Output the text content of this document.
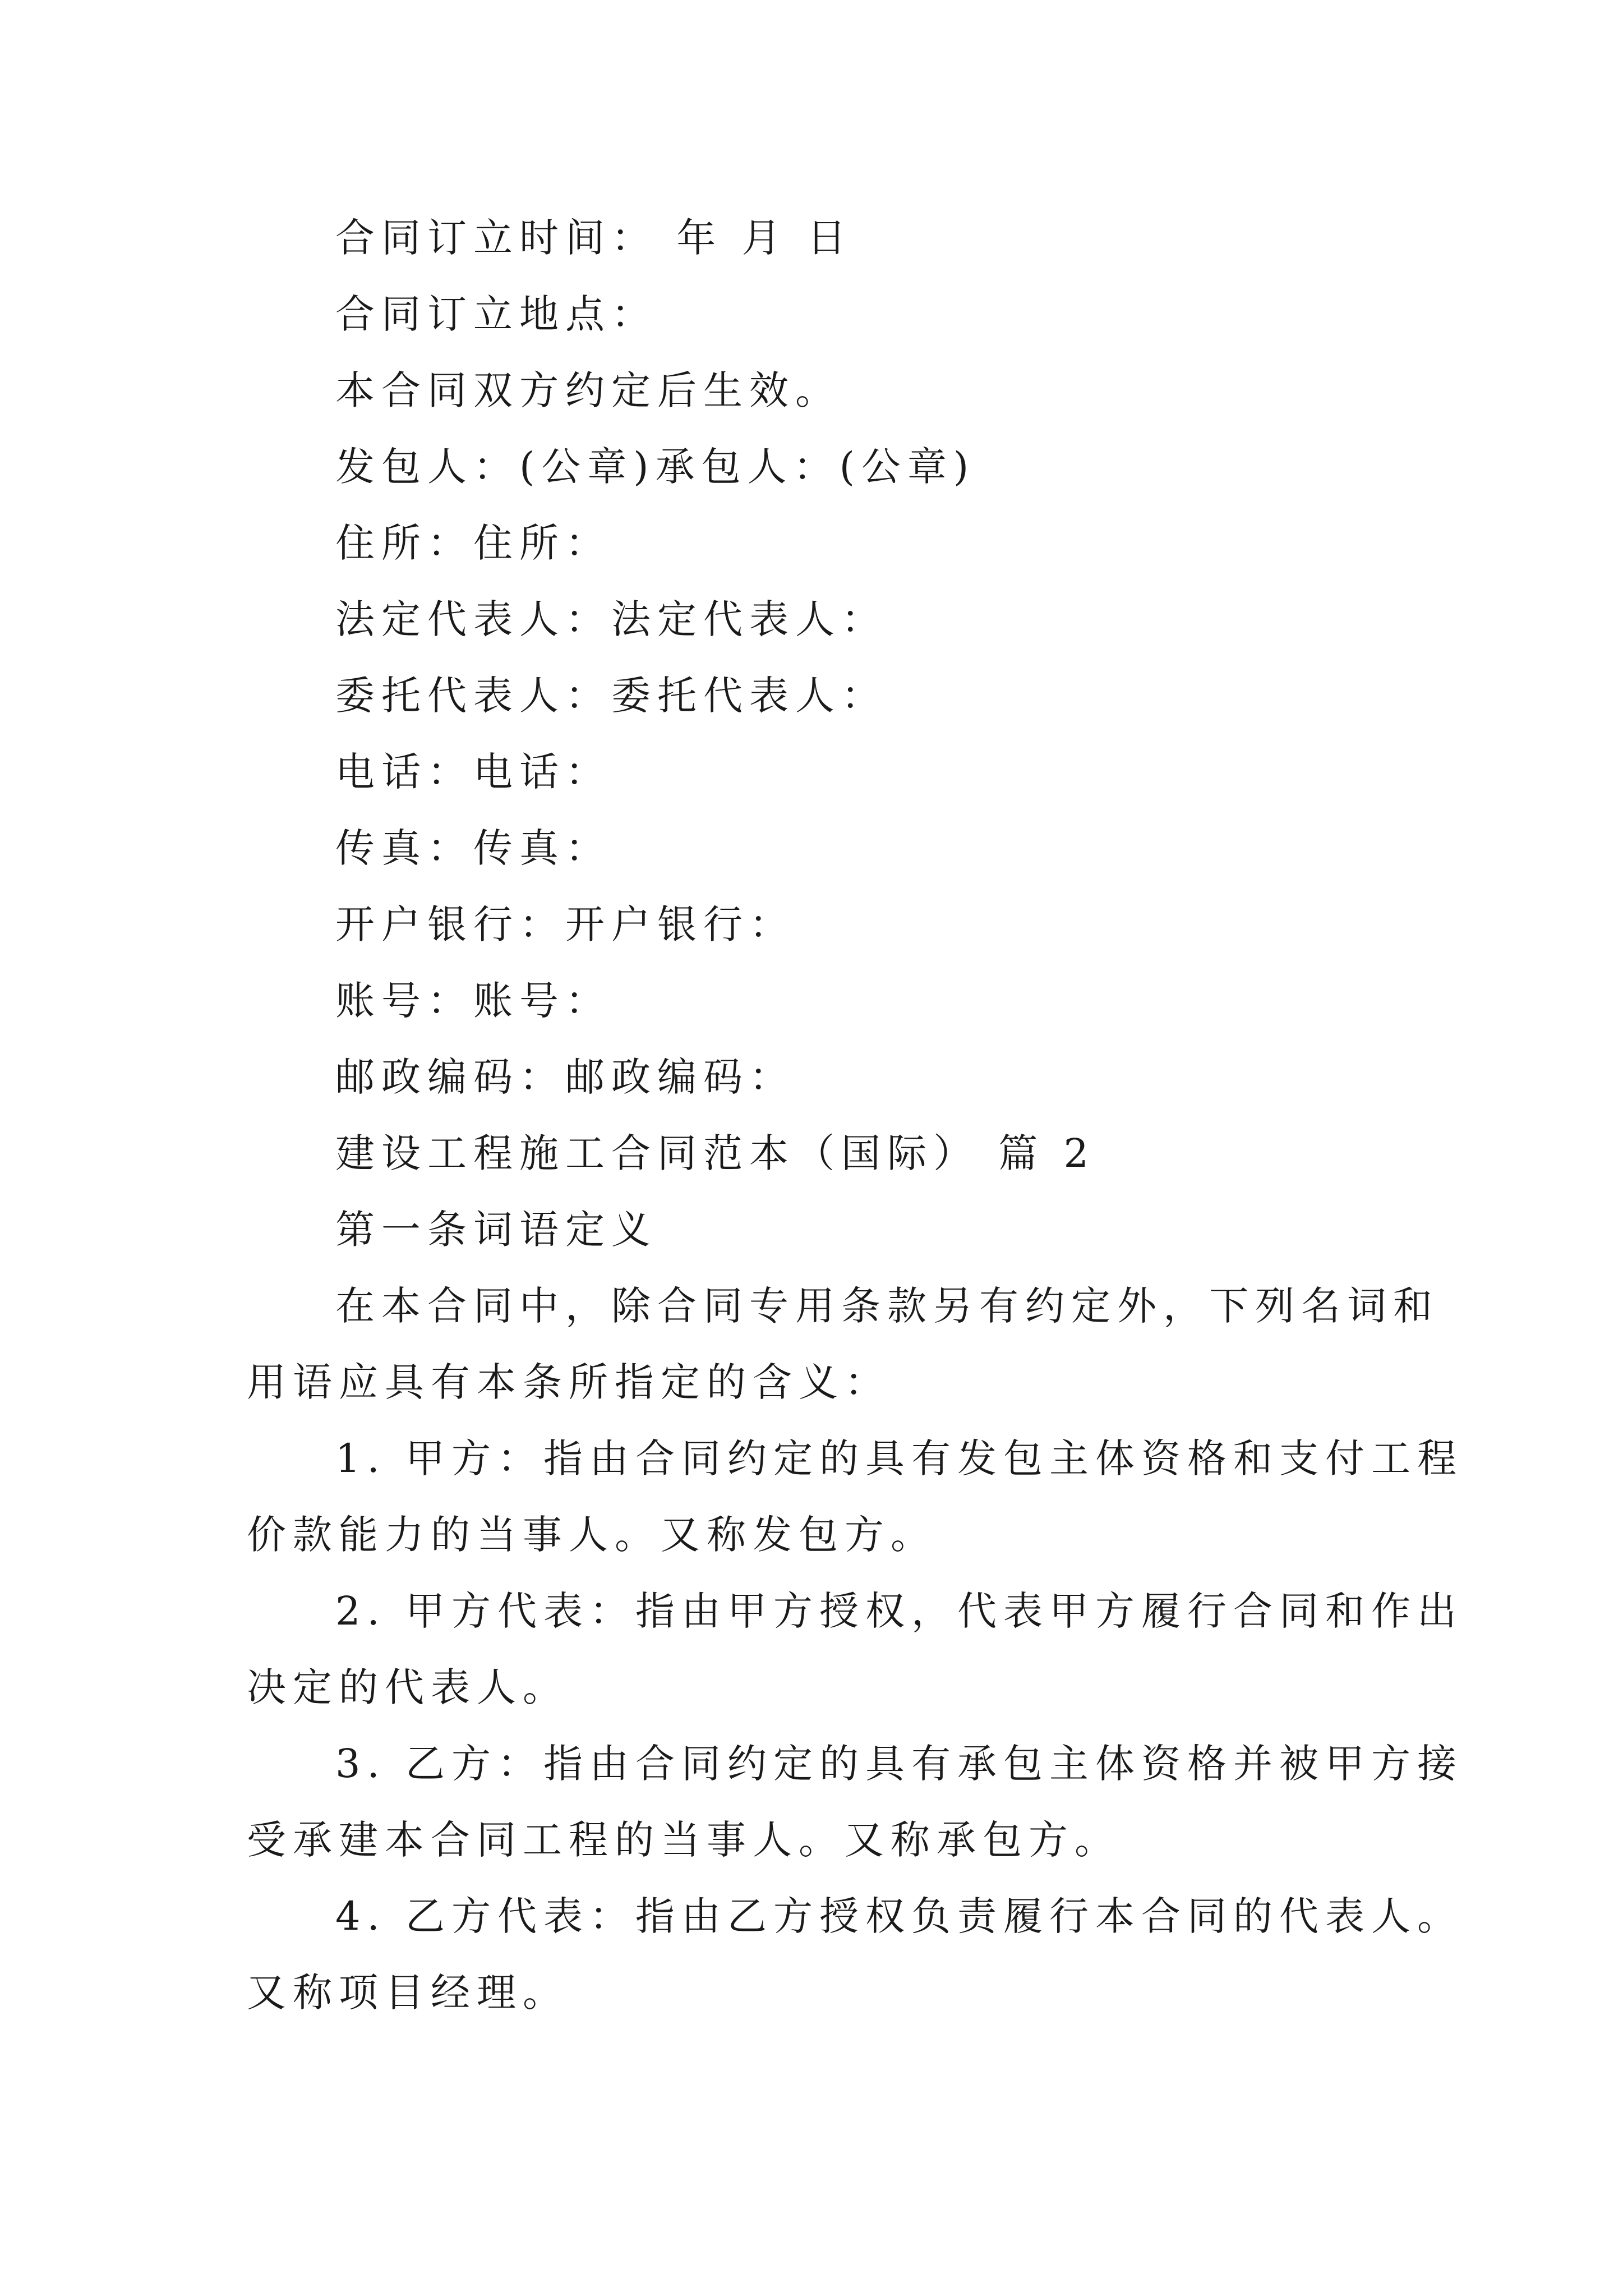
合同订立时间： 年 月 日

合同订立地点：

本合同双方约定后生效。

发包人：(公章)承包人：(公章)

住所：住所：

法定代表人：法定代表人：

委托代表人：委托代表人：

电话：电话：

传真：传真：

开户银行：开户银行：

账号：账号：

邮政编码：邮政编码：

建设工程施工合同范本（国际） 篇 2

第一条词语定义

在本合同中，除合同专用条款另有约定外，下列名词和

用语应具有本条所指定的含义：

1. 甲方：指由合同约定的具有发包主体资格和支付工程

价款能力的当事人。又称发包方。

2. 甲方代表：指由甲方授权，代表甲方履行合同和作出

决定的代表人。

3. 乙方：指由合同约定的具有承包主体资格并被甲方接

受承建本合同工程的当事人。又称承包方。

4. 乙方代表：指由乙方授权负责履行本合同的代表人。

又称项目经理。
